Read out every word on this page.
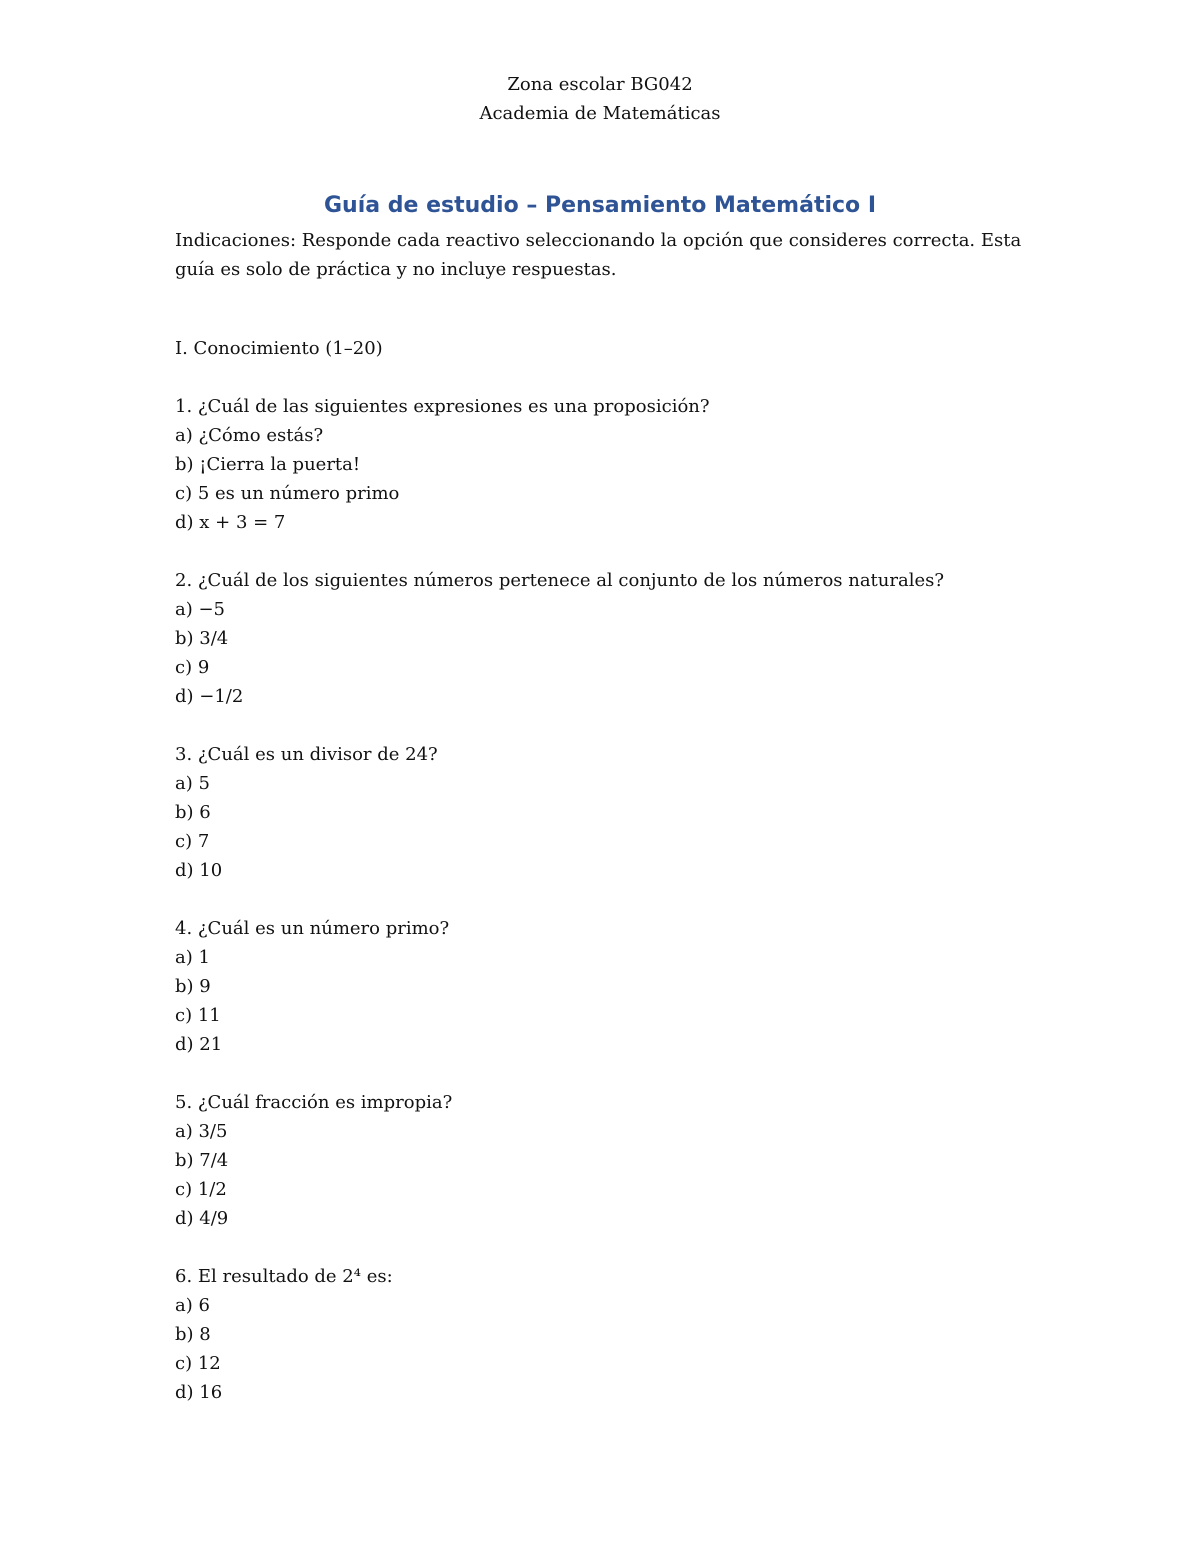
Zona escolar BG042
Academia de Matemáticas
Guía de estudio – Pensamiento Matemático I

Indicaciones: Responde cada reactivo seleccionando la opción que consideres correcta. Esta guía es solo de práctica y no incluye respuestas.

I. Conocimiento (1–20)
1. ¿Cuál de las siguientes expresiones es una proposición?
a) ¿Cómo estás?
b) ¡Cierra la puerta!
c) 5 es un número primo
d) x + 3 = 7
2. ¿Cuál de los siguientes números pertenece al conjunto de los números naturales?
a) −5
b) 3/4
c) 9
d) −1/2
3. ¿Cuál es un divisor de 24?
a) 5
b) 6
c) 7
d) 10
4. ¿Cuál es un número primo?
a) 1
b) 9
c) 11
d) 21
5. ¿Cuál fracción es impropia?
a) 3/5
b) 7/4
c) 1/2
d) 4/9
6. El resultado de 2⁴ es:
a) 6
b) 8
c) 12
d) 16
